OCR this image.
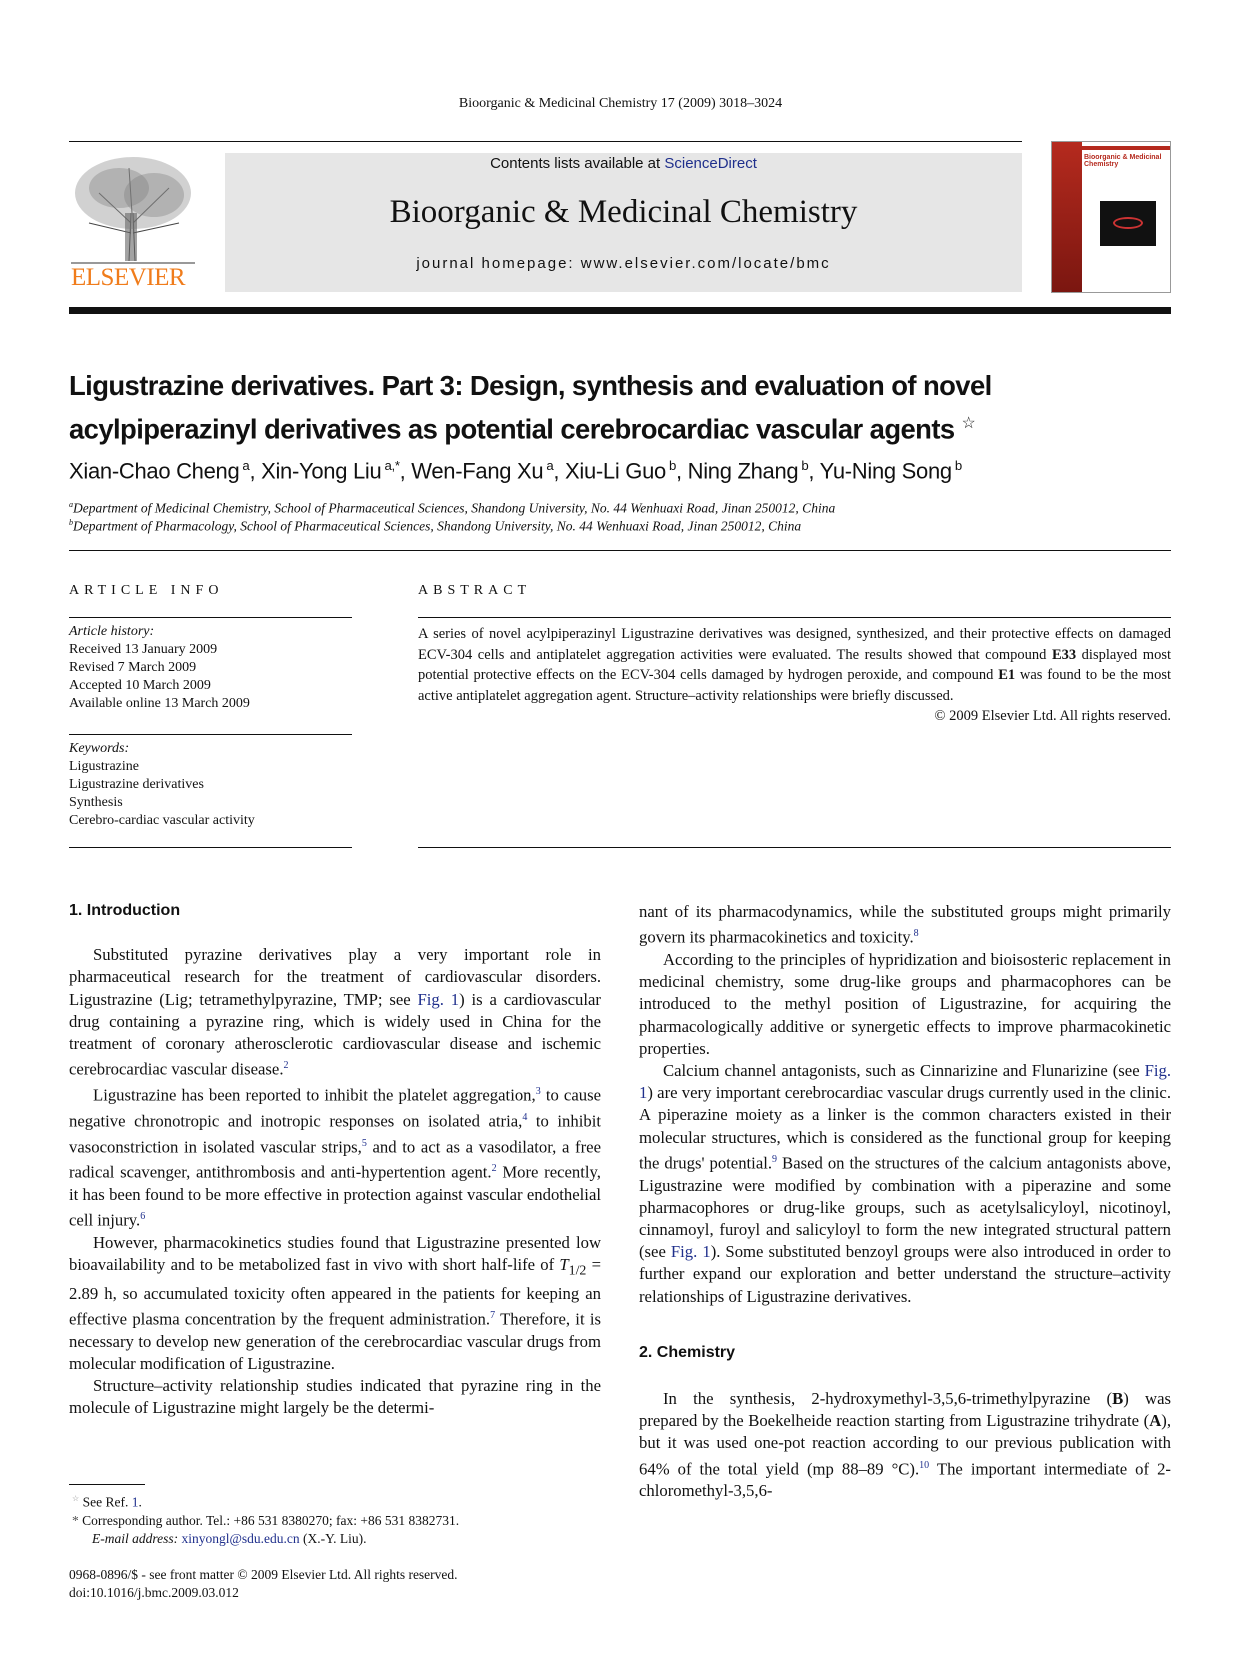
Bioorganic & Medicinal Chemistry 17 (2009) 3018–3024
ELSEVIER
Contents lists available at ScienceDirect
Bioorganic & Medicinal Chemistry
journal homepage: www.elsevier.com/locate/bmc
Bioorganic & Medicinal Chemistry
Ligustrazine derivatives. Part 3: Design, synthesis and evaluation of novel
acylpiperazinyl derivatives as potential cerebrocardiac vascular agents ☆
Xian-Chao Cheng $^a$, Xin-Yong Liu $^{a,*}$, Wen-Fang Xu $^a$, Xiu-Li Guo $^b$, Ning Zhang $^b$, Yu-Ning Song $^b$
$^a$Department of Medicinal Chemistry, School of Pharmaceutical Sciences, Shandong University, No. 44 Wenhuaxi Road, Jinan 250012, China
$^b$Department of Pharmacology, School of Pharmaceutical Sciences, Shandong University, No. 44 Wenhuaxi Road, Jinan 250012, China
ARTICLE INFO	ABSTRACT
Article history:
Received 13 January 2009
Revised 7 March 2009
Accepted 10 March 2009
Available online 13 March 2009
Keywords:
Ligustrazine
Ligustrazine derivatives
Synthesis
Cerebro-cardiac vascular activity
A series of novel acylpiperazinyl Ligustrazine derivatives was designed, synthesized, and their protective effects on damaged ECV-304 cells and antiplatelet aggregation activities were evaluated. The results showed that compound E33 displayed most potential protective effects on the ECV-304 cells damaged by hydrogen peroxide, and compound E1 was found to be the most active antiplatelet aggregation agent. Structure–activity relationships were briefly discussed.
© 2009 Elsevier Ltd. All rights reserved.
1. Introduction

Substituted pyrazine derivatives play a very important role in pharmaceutical research for the treatment of cardiovascular disorders. Ligustrazine (Lig; tetramethylpyrazine, TMP; see Fig. 1) is a cardiovascular drug containing a pyrazine ring, which is widely used in China for the treatment of coronary atherosclerotic cardiovascular disease and ischemic cerebrocardiac vascular disease.$^2$

Ligustrazine has been reported to inhibit the platelet aggregation,$^3$ to cause negative chronotropic and inotropic responses on isolated atria,$^4$ to inhibit vasoconstriction in isolated vascular strips,$^5$ and to act as a vasodilator, a free radical scavenger, antithrombosis and anti-hypertention agent.$^2$ More recently, it has been found to be more effective in protection against vascular endothelial cell injury.$^6$

However, pharmacokinetics studies found that Ligustrazine presented low bioavailability and to be metabolized fast in vivo with short half-life of $T_{1/2} = 2.89$ h, so accumulated toxicity often appeared in the patients for keeping an effective plasma concentration by the frequent administration.$^7$ Therefore, it is necessary to develop new generation of the cerebrocardiac vascular drugs from molecular modification of Ligustrazine.

Structure–activity relationship studies indicated that pyrazine ring in the molecule of Ligustrazine might largely be the determi-

nant of its pharmacodynamics, while the substituted groups might primarily govern its pharmacokinetics and toxicity.$^8$

According to the principles of hypridization and bioisosteric replacement in medicinal chemistry, some drug-like groups and pharmacophores can be introduced to the methyl position of Ligustrazine, for acquiring the pharmacologically additive or synergetic effects to improve pharmacokinetic properties.

Calcium channel antagonists, such as Cinnarizine and Flunarizine (see Fig. 1) are very important cerebrocardiac vascular drugs currently used in the clinic. A piperazine moiety as a linker is the common characters existed in their molecular structures, which is considered as the functional group for keeping the drugs' potential.$^9$ Based on the structures of the calcium antagonists above, Ligustrazine were modified by combination with a piperazine and some pharmacophores or drug-like groups, such as acetylsalicyloyl, nicotinoyl, cinnamoyl, furoyl and salicyloyl to form the new integrated structural pattern (see Fig. 1). Some substituted benzoyl groups were also introduced in order to further expand our exploration and better understand the structure–activity relationships of Ligustrazine derivatives.

2. Chemistry

In the synthesis, 2-hydroxymethyl-3,5,6-trimethylpyrazine (B) was prepared by the Boekelheide reaction starting from Ligustrazine trihydrate (A), but it was used one-pot reaction according to our previous publication with 64% of the total yield (mp 88–89 °C).$^{10}$ The important intermediate of 2-chloromethyl-3,5,6-

☆ See Ref. 1.
* Corresponding author. Tel.: +86 531 8380270; fax: +86 531 8382731.
E-mail address: xinyongl@sdu.edu.cn (X.-Y. Liu).
0968-0896/$ - see front matter © 2009 Elsevier Ltd. All rights reserved.
doi:10.1016/j.bmc.2009.03.012
